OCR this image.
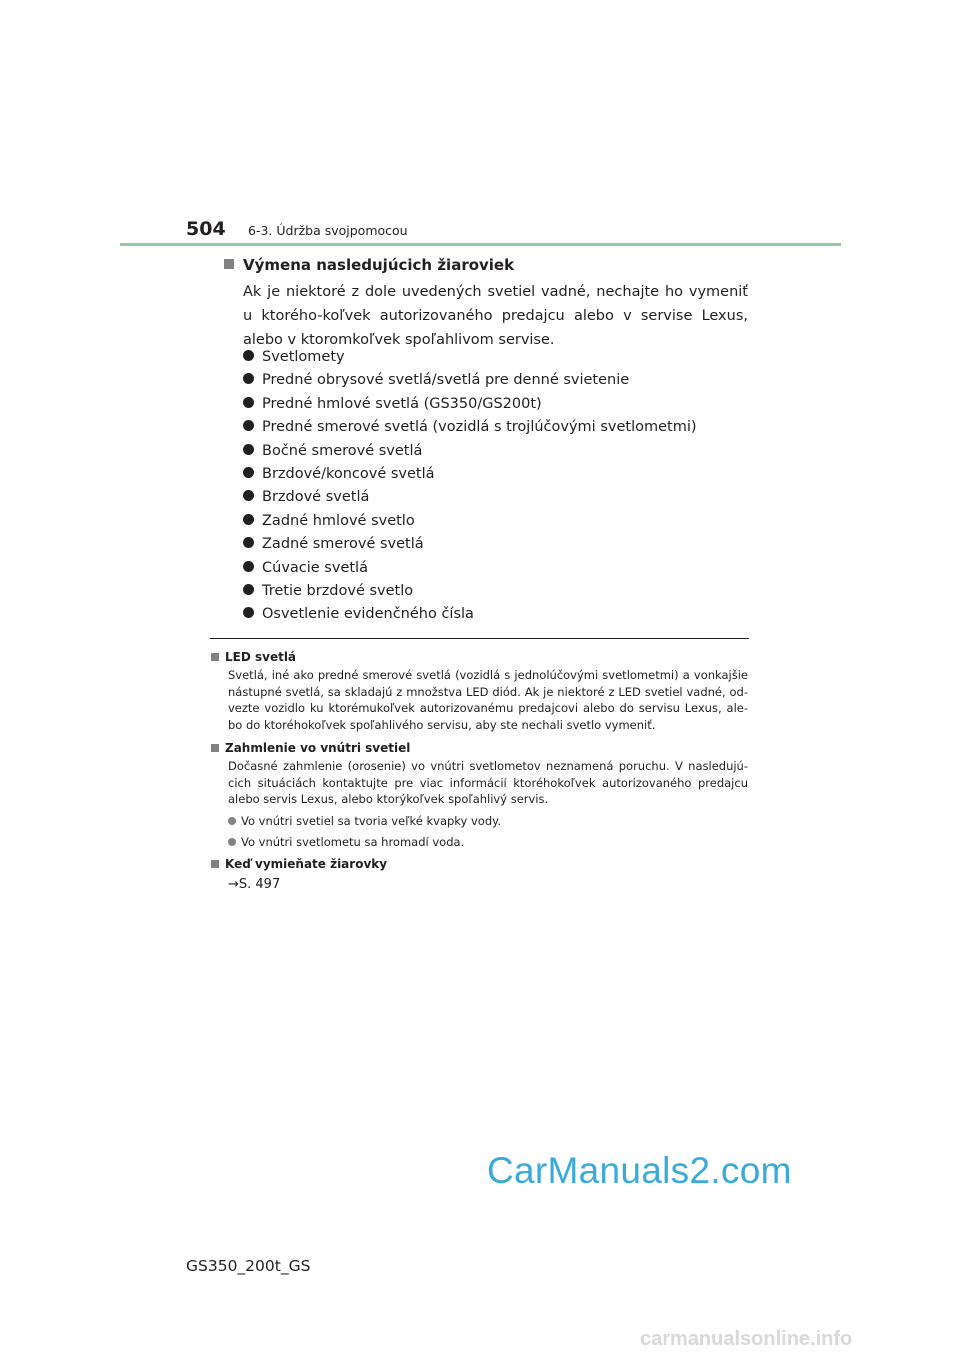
504 6-3. Údržba svojpomocou
Výmena nasledujúcich žiaroviek
Ak je niektoré z dole uvedených svetiel vadné, nechajte ho vymeniť u ktorého-koľvek autorizovaného predajcu alebo v servise Lexus, alebo v ktoromkoľvek spoľahlivom servise.
Svetlomety
Predné obrysové svetlá/svetlá pre denné svietenie
Predné hmlové svetlá (GS350/GS200t)
Predné smerové svetlá (vozidlá s trojlúčovými svetlometmi)
Bočné smerové svetlá
Brzdové/koncové svetlá
Brzdové svetlá
Zadné hmlové svetlo
Zadné smerové svetlá
Cúvacie svetlá
Tretie brzdové svetlo
Osvetlenie evidenčného čísla
LED svetlá
Svetlá, iné ako predné smerové svetlá (vozidlá s jednolúčovými svetlometmi) a vonkajšie nástupné svetlá, sa skladajú z množstva LED diód. Ak je niektoré z LED svetiel vadné, od-vezte vozidlo ku ktorémukoľvek autorizovanému predajcovi alebo do servisu Lexus, ale-bo do ktoréhokoľvek spoľahlivého servisu, aby ste nechali svetlo vymeniť.
Zahmlenie vo vnútri svetiel
Dočasné zahmlenie (orosenie) vo vnútri svetlometov neznamená poruchu. V nasledujú-cich situáciách kontaktujte pre viac informácií ktoréhokoľvek autorizovaného predajcu alebo servis Lexus, alebo ktorýkoľvek spoľahlivý servis.
Vo vnútri svetiel sa tvoria veľké kvapky vody.
Vo vnútri svetlometu sa hromadí voda.
Keď vymieňate žiarovky
→S. 497
CarManuals2.com
GS350_200t_GS
carmanualsonline.info
